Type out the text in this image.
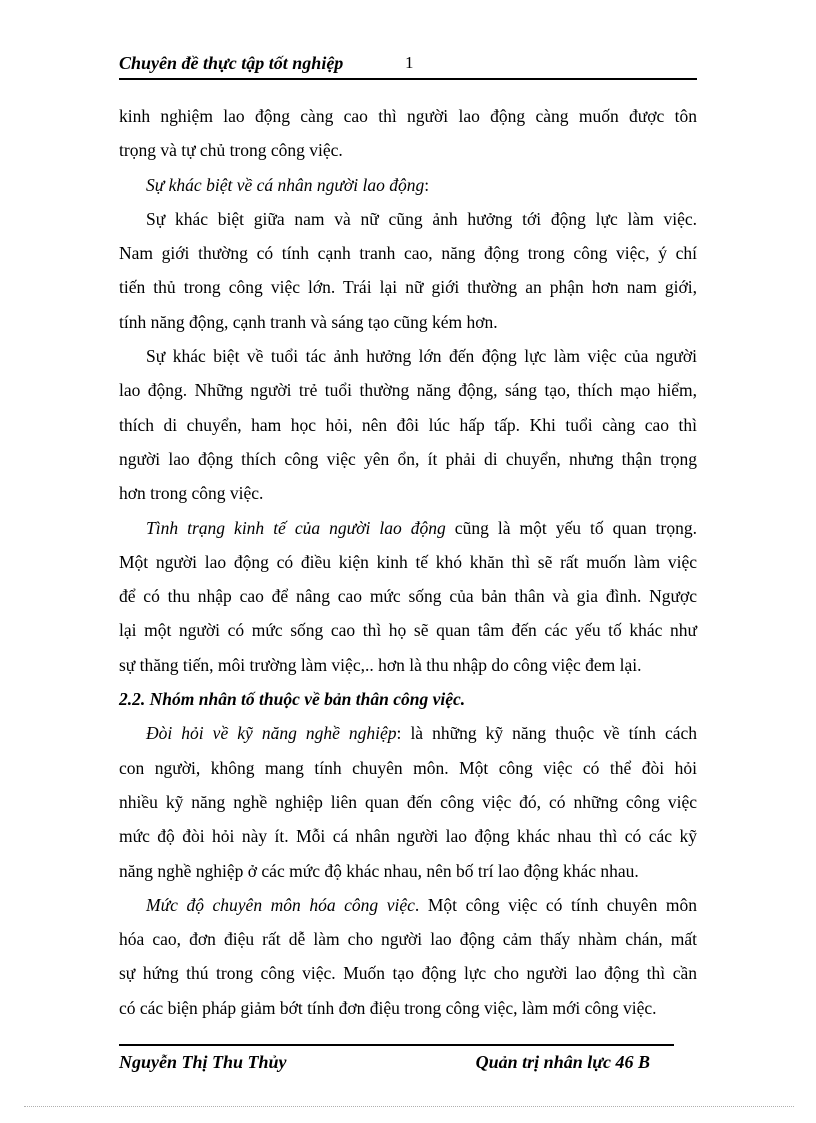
Chuyên đề thực tập tốt nghiệp	1
kinh nghiệm lao động càng cao thì người lao động càng muốn được tôn
trọng và tự chủ trong công việc.
Sự khác biệt về cá nhân người lao động:
Sự khác biệt giữa nam và nữ cũng ảnh hưởng tới động lực làm việc.
Nam giới thường có tính cạnh tranh cao, năng động trong công việc, ý chí
tiến thủ trong công việc lớn. Trái lại nữ giới thường an phận hơn nam giới,
tính năng động, cạnh tranh và sáng tạo cũng kém hơn.
Sự khác biệt về tuổi tác ảnh hưởng lớn đến động lực làm việc của người
lao động. Những người trẻ tuổi thường năng động, sáng tạo, thích mạo hiểm,
thích di chuyển, ham học hỏi, nên đôi lúc hấp tấp. Khi tuổi càng cao thì
người lao động thích công việc yên ổn, ít phải di chuyển, nhưng thận trọng
hơn trong công việc.
Tình trạng kinh tế của người lao động cũng là một yếu tố quan trọng.
Một người lao động có điều kiện kinh tế khó khăn thì sẽ rất muốn làm việc
để có thu nhập cao để nâng cao mức sống của bản thân và gia đình. Ngược
lại một người có mức sống cao thì họ sẽ quan tâm đến các yếu tố khác như
sự thăng tiến, môi trường làm việc,.. hơn là thu nhập do công việc đem lại.
2.2. Nhóm nhân tố thuộc về bản thân công việc.
Đòi hỏi về kỹ năng nghề nghiệp: là những kỹ năng thuộc về tính cách
con người, không mang tính chuyên môn. Một công việc có thể đòi hỏi
nhiều kỹ năng nghề nghiệp liên quan đến công việc đó, có những công việc
mức độ đòi hỏi này ít. Mỗi cá nhân người lao động khác nhau thì có các kỹ
năng nghề nghiệp ở các mức độ khác nhau, nên bố trí lao động khác nhau.
Mức độ chuyên môn hóa công việc. Một công việc có tính chuyên môn
hóa cao, đơn điệu rất dễ làm cho người lao động cảm thấy nhàm chán, mất
sự hứng thú trong công việc. Muốn tạo động lực cho người lao động thì cần
có các biện pháp giảm bớt tính đơn điệu trong công việc, làm mới công việc.
Nguyễn Thị Thu Thủy	Quản trị nhân lực 46 B
